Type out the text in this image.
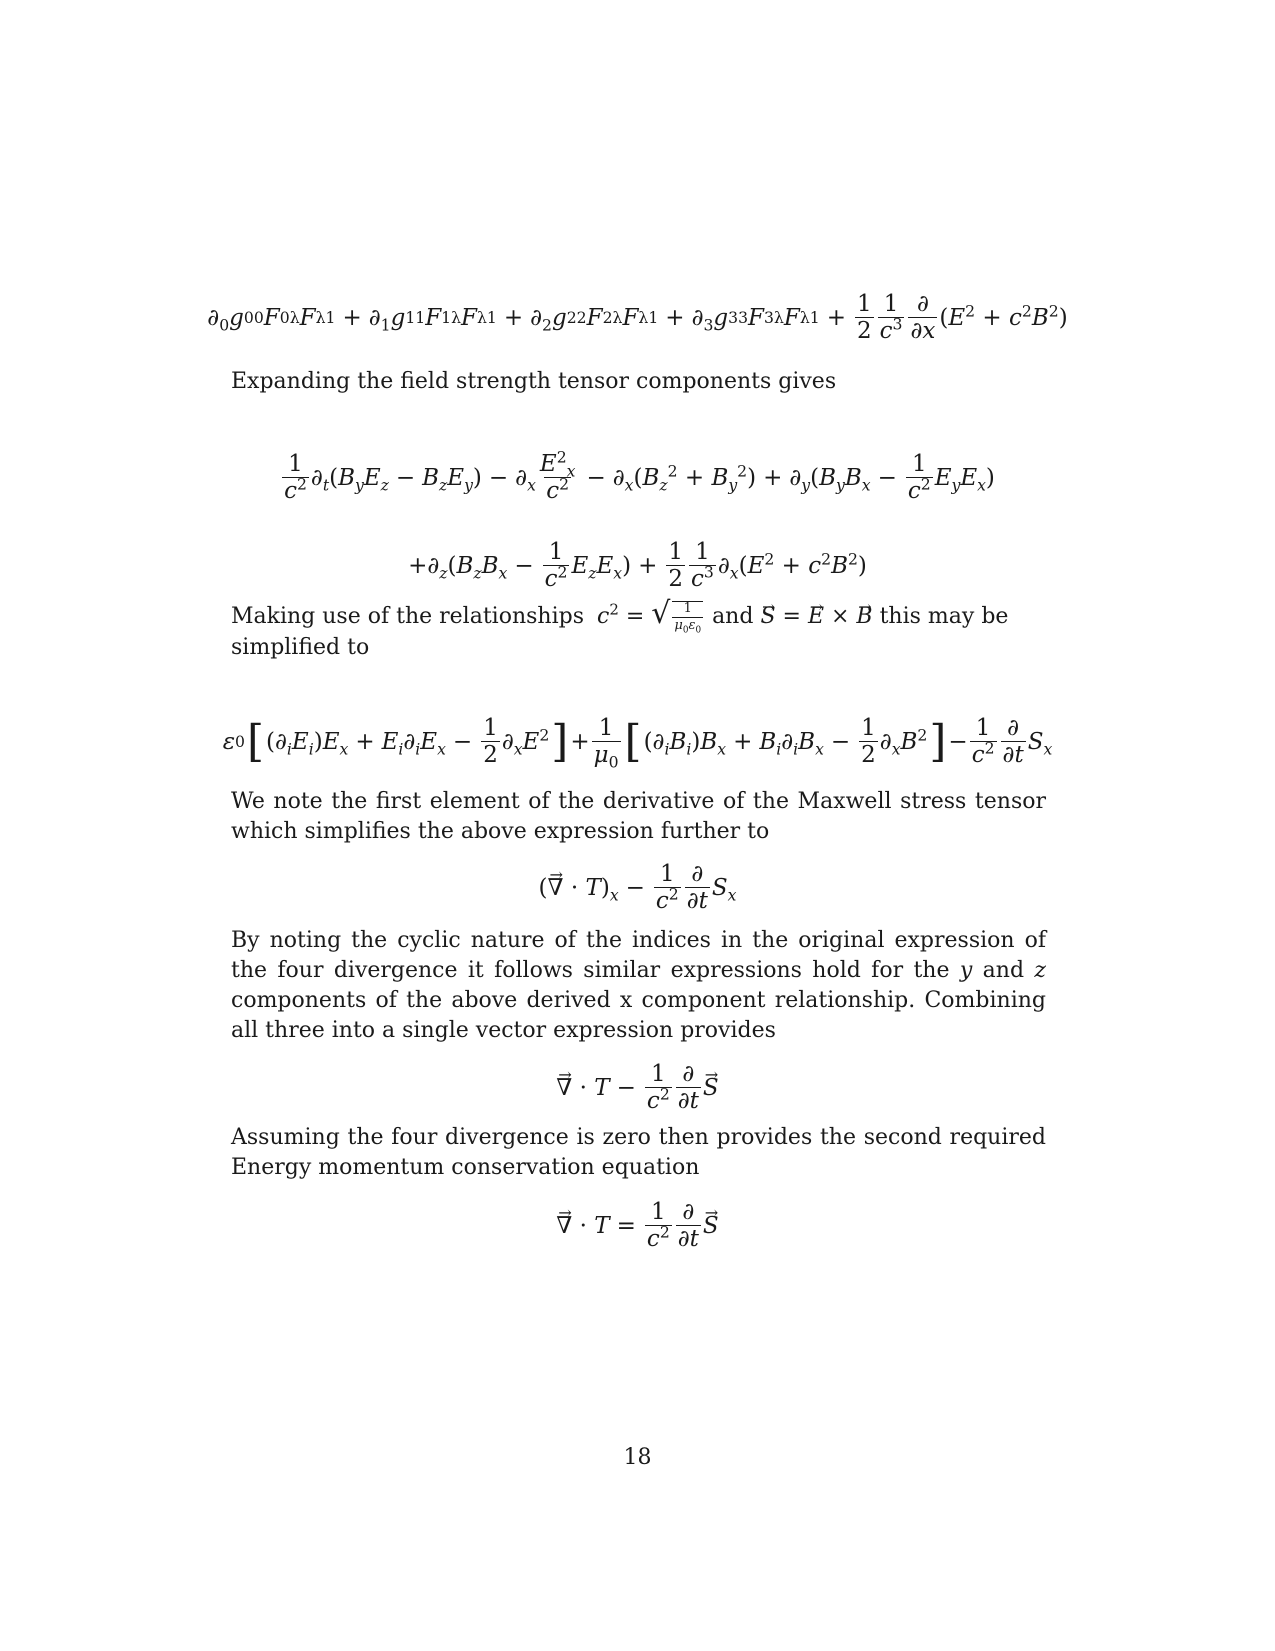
$\partial_0$ g 00 F 0λ F $\lambda 1 + \partial_1$ g 11 F 1λ F $\lambda 1 + \partial_2$ g 22 F 2λ F $\lambda 1 + \partial_3$ g 33 F 3λ F $\lambda 1 + \frac{1}{2} \frac{1}{c^3} \frac{\partial}{\partial x} (E^2 + c^2B^2)$
Expanding the field strength tensor components gives
$\frac{1}{c^2} \partial_t(B_yE_z - B_zE_y) - \partial_x \frac{E^2_x}{c^2} - \partial_x(B_z^2 + B_y^2) + \partial_y(B_yB_x - \frac{1}{c^2} E_yE_x)$
$+\partial_z(B_zB_x - \frac{1}{c^2} E_zE_x) + \frac{1}{2} \frac{1}{c^3} \partial_x(E^2 + c^2B^2)$
Making use of the relationships $c^2$ = √ $\frac{1}{\mu_0\varepsilon_0}$ and → S = → E × → B this may be
simplified to
ε 0 [ $(\partial_iE_i)E_x + E_i\partial_iE_x - \frac{1}{2} \partial_xE^2$ ] + $\frac{1}{\mu_0}$ [ $(\partial_iB_i)B_x + B_i\partial_iB_x - \frac{1}{2} \partial_xB^2$ ] − $\frac{1}{c^2} \frac{\partial}{\partial t} S_x$
We note the first element of the derivative of the Maxwell stress tensor which simplifies the above expression further to
(→ ∇ · $T)_x - \frac{1}{c^2} \frac{\partial}{\partial t} S_x$
By noting the cyclic nature of the indices in the original expression of the four divergence it follows similar expressions hold for the y and z components of the above derived x component relationship. Combining all three into a single vector expression provides
→ ∇ · $T - \frac{1}{c^2} \frac{\partial}{\partial t}$
→ S
Assuming the four divergence is zero then provides the second required Energy momentum conservation equation
→ ∇ · $T = \frac{1}{c^2} \frac{\partial}{\partial t}$
→ S
18
